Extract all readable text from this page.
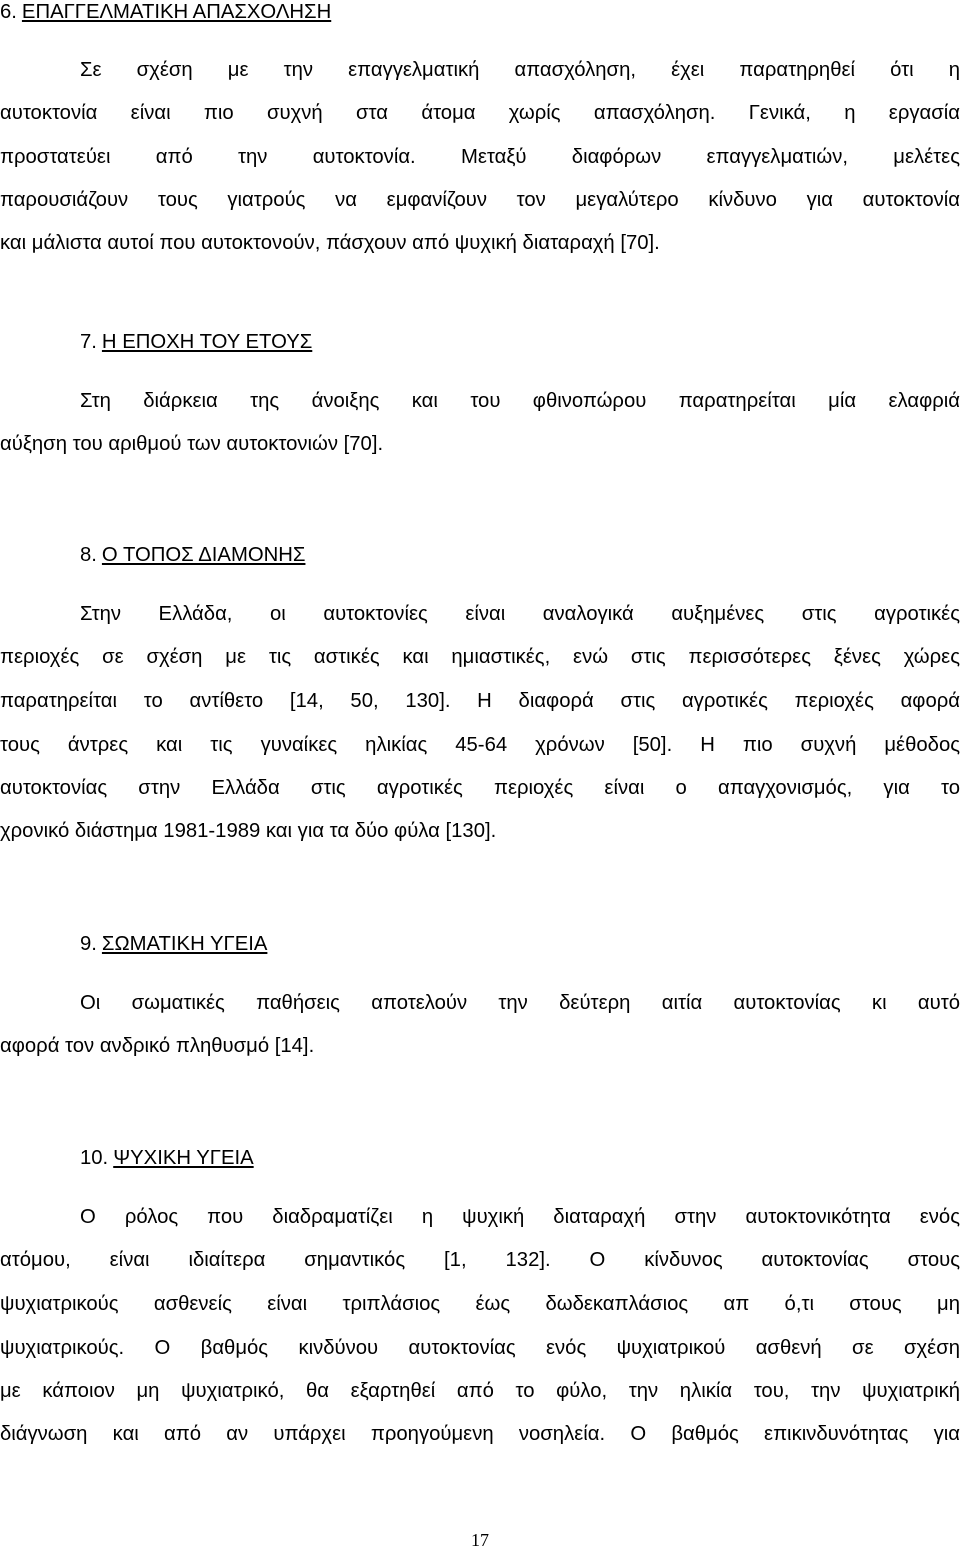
6. ΕΠΑΓΓΕΛΜΑΤΙΚΗ ΑΠΑΣΧΟΛΗΣΗ
Σε σχέση με την επαγγελματική απασχόληση, έχει παρατηρηθεί ότι η
αυτοκτονία είναι πιο συχνή στα άτομα χωρίς απασχόληση. Γενικά, η εργασία
προστατεύει από την αυτοκτονία. Μεταξύ διαφόρων επαγγελματιών, μελέτες
παρουσιάζουν τους γιατρούς να εμφανίζουν τον μεγαλύτερο κίνδυνο για αυτοκτονία
και μάλιστα αυτοί που αυτοκτονούν, πάσχουν από ψυχική διαταραχή [70].
7. Η ΕΠΟΧΗ ΤΟΥ ΕΤΟΥΣ
Στη διάρκεια της άνοιξης και του φθινοπώρου παρατηρείται μία ελαφριά
αύξηση του αριθμού των αυτοκτονιών [70].
8. Ο ΤΟΠΟΣ ΔΙΑΜΟΝΗΣ
Στην Ελλάδα, οι αυτοκτονίες είναι αναλογικά αυξημένες στις αγροτικές
περιοχές σε σχέση με τις αστικές και ημιαστικές, ενώ στις περισσότερες ξένες χώρες
παρατηρείται το αντίθετο [14, 50, 130]. Η διαφορά στις αγροτικές περιοχές αφορά
τους άντρες και τις γυναίκες ηλικίας 45-64 χρόνων [50]. Η πιο συχνή μέθοδος
αυτοκτονίας στην Ελλάδα στις αγροτικές περιοχές είναι ο απαγχονισμός, για το
χρονικό διάστημα 1981-1989 και για τα δύο φύλα [130].
9. ΣΩΜΑΤΙΚΗ ΥΓΕΙΑ
Οι σωματικές παθήσεις αποτελούν την δεύτερη αιτία αυτοκτονίας κι αυτό
αφορά τον ανδρικό πληθυσμό [14].
10. ΨΥΧΙΚΗ ΥΓΕΙΑ
Ο ρόλος που διαδραματίζει η ψυχική διαταραχή στην αυτοκτονικότητα ενός
ατόμου, είναι ιδιαίτερα σημαντικός [1, 132]. Ο κίνδυνος αυτοκτονίας στους
ψυχιατρικούς ασθενείς είναι τριπλάσιος έως δωδεκαπλάσιος απ ό,τι στους μη
ψυχιατρικούς. Ο βαθμός κινδύνου αυτοκτονίας ενός ψυχιατρικού ασθενή σε σχέση
με κάποιον μη ψυχιατρικό, θα εξαρτηθεί από το φύλο, την ηλικία του, την ψυχιατρική
διάγνωση και από αν υπάρχει προηγούμενη νοσηλεία. Ο βαθμός επικινδυνότητας για
17
